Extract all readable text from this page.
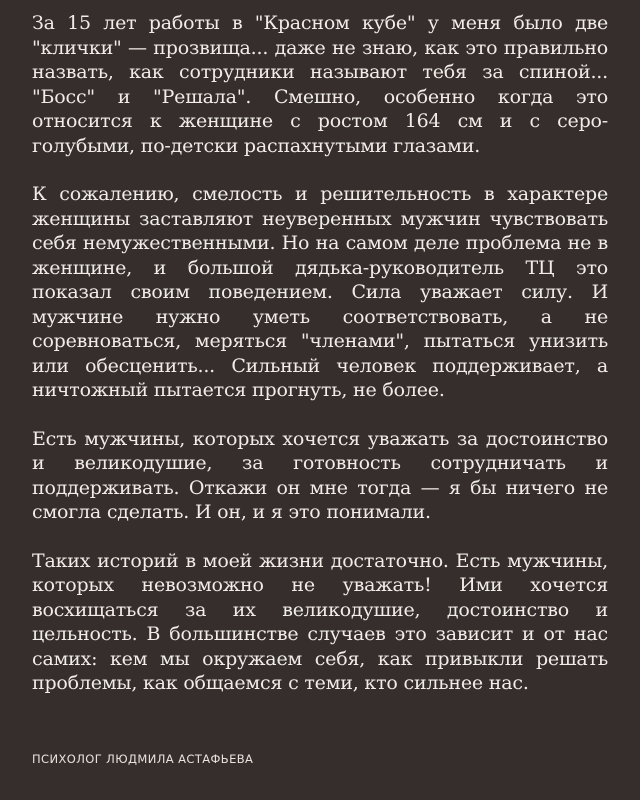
За 15 лет работы в "Красном кубе" у меня было две "клички" — прозвища... даже не знаю, как это правильно назвать, как сотрудники называют тебя за спиной... "Босс" и "Решала". Смешно, особенно когда это относится к женщине с ростом 164 см и с серо-голубыми, по-детски распахнутыми глазами.

К сожалению, смелость и решительность в характере женщины заставляют неуверенных мужчин чувствовать себя немужественными. Но на самом деле проблема не в женщине, и большой дядька-руководитель ТЦ это показал своим поведением. Сила уважает силу. И мужчине нужно уметь соответствовать, а не соревноваться, меряться "членами", пытаться унизить или обесценить... Сильный человек поддерживает, а ничтожный пытается прогнуть, не более.

Есть мужчины, которых хочется уважать за достоинство и великодушие, за готовность сотрудничать и поддерживать. Откажи он мне тогда — я бы ничего не смогла сделать. И он, и я это понимали.

Таких историй в моей жизни достаточно. Есть мужчины, которых невозможно не уважать! Ими хочется восхищаться за их великодушие, достоинство и цельность. В большинстве случаев это зависит и от нас самих: кем мы окружаем себя, как привыкли решать проблемы, как общаемся с теми, кто сильнее нас.

ПСИХОЛОГ ЛЮДМИЛА АСТАФЬЕВА
